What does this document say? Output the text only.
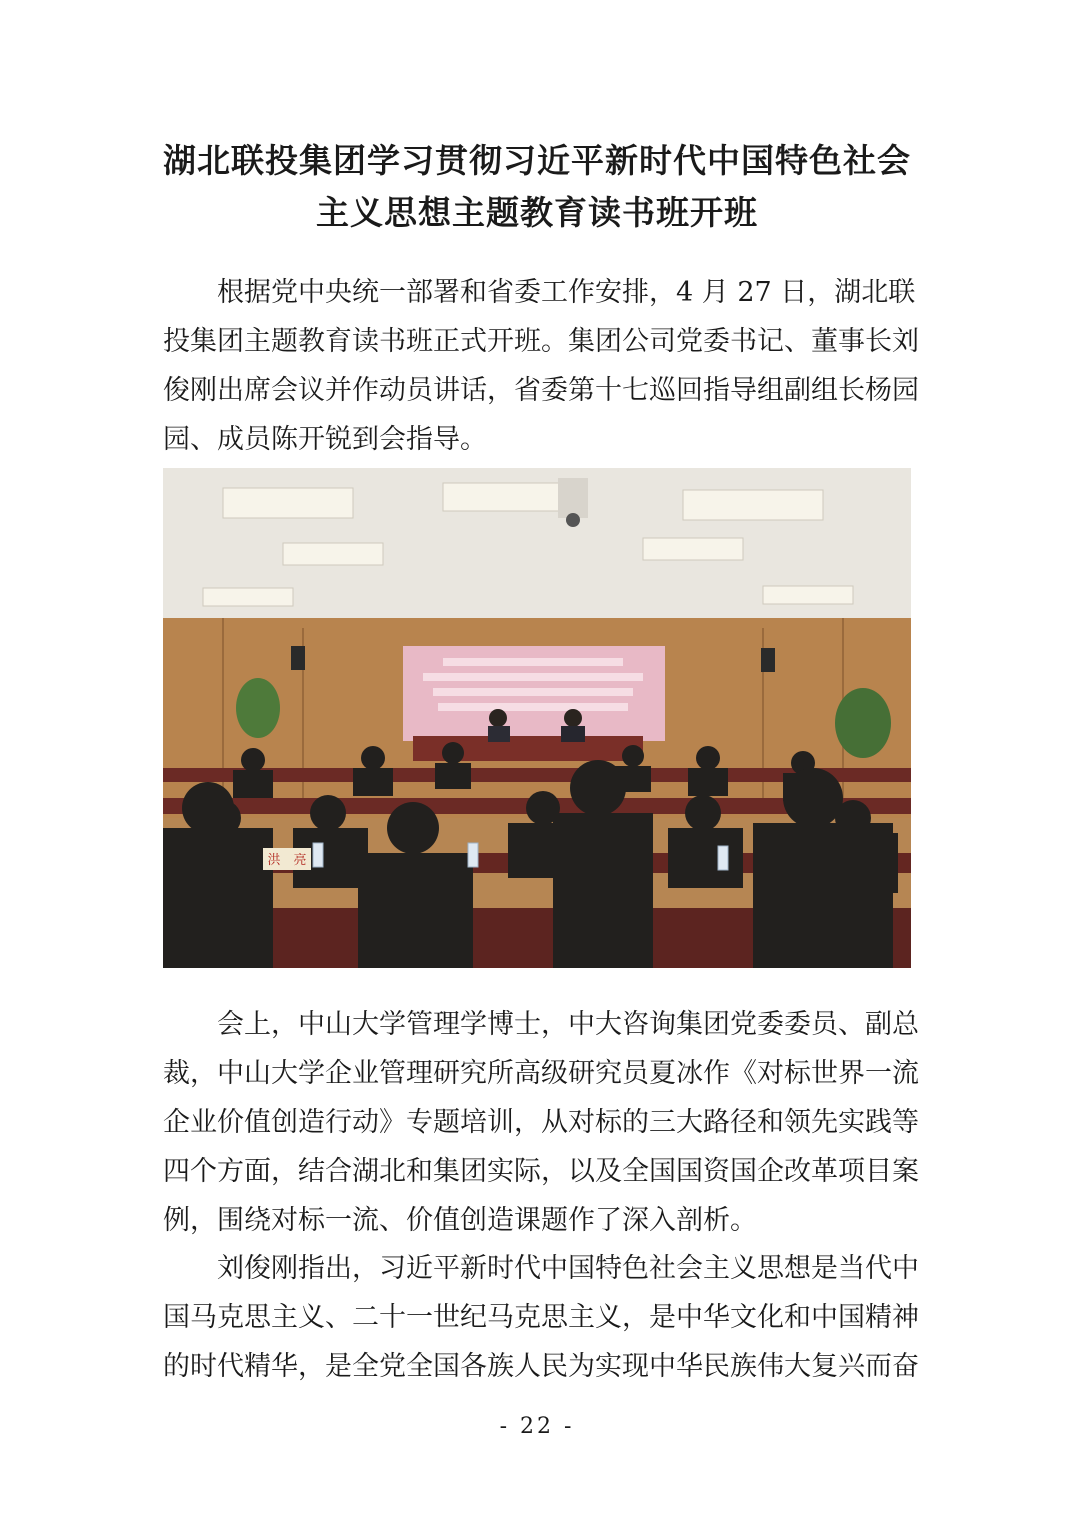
湖北联投集团学习贯彻习近平新时代中国特色社会
主义思想主题教育读书班开班
　　根据党中央统一部署和省委工作安排，4 月 27 日，湖北联
投集团主题教育读书班正式开班。集团公司党委书记、董事长刘
俊刚出席会议并作动员讲话，省委第十七巡回指导组副组长杨园
园、成员陈开锐到会指导。
洪　亮
　　会上，中山大学管理学博士，中大咨询集团党委委员、副总
裁，中山大学企业管理研究所高级研究员夏冰作《对标世界一流
企业价值创造行动》专题培训，从对标的三大路径和领先实践等
四个方面，结合湖北和集团实际，以及全国国资国企改革项目案
例，围绕对标一流、价值创造课题作了深入剖析。
　　刘俊刚指出，习近平新时代中国特色社会主义思想是当代中
国马克思主义、二十一世纪马克思主义，是中华文化和中国精神
的时代精华，是全党全国各族人民为实现中华民族伟大复兴而奋
- 22 -
